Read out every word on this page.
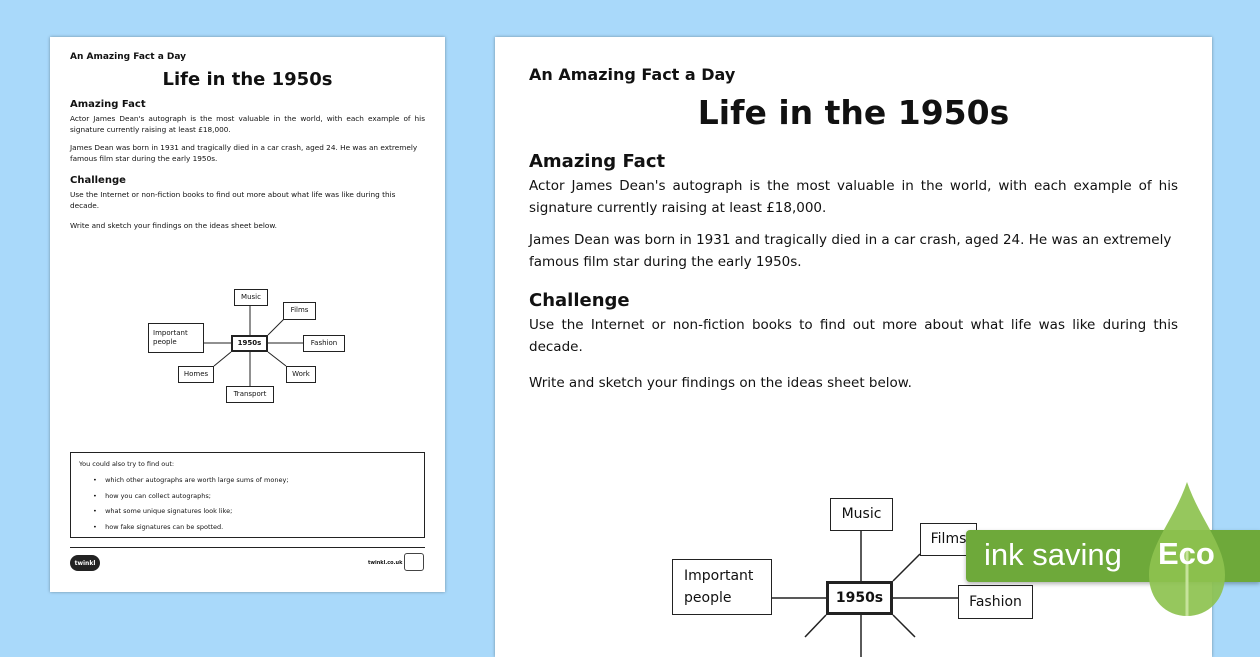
An Amazing Fact a Day
Life in the 1950s
Amazing Fact
Actor James Dean's autograph is the most valuable in the world, with each example of his signature currently raising at least £18,000.
James Dean was born in 1931 and tragically died in a car crash, aged 24. He was an extremely famous film star during the early 1950s.
Challenge
Use the Internet or non-fiction books to find out more about what life was like during this decade.
Write and sketch your findings on the ideas sheet below.
Music
Films
1950s
Important people	Fashion
Work
Transport
Homes
You could also try to find out:
•    which other autographs are worth large sums of money;
•    how you can collect autographs;
•    what some unique signatures look like;
•    how fake signatures can be spotted.
twinkl	twinkl.co.uk
An Amazing Fact a Day
Life in the 1950s
Amazing Fact
Actor James Dean's autograph is the most valuable in the world, with each example of his signature currently raising at least £18,000.
James Dean was born in 1931 and tragically died in a car crash, aged 24. He was an extremely famous film star during the early 1950s.
Challenge
Use the Internet or non-fiction books to find out more about what life was like during this decade.
Write and sketch your findings on the ideas sheet below.
Music
Films
1950s
Important people	Fashion
ink saving Eco
